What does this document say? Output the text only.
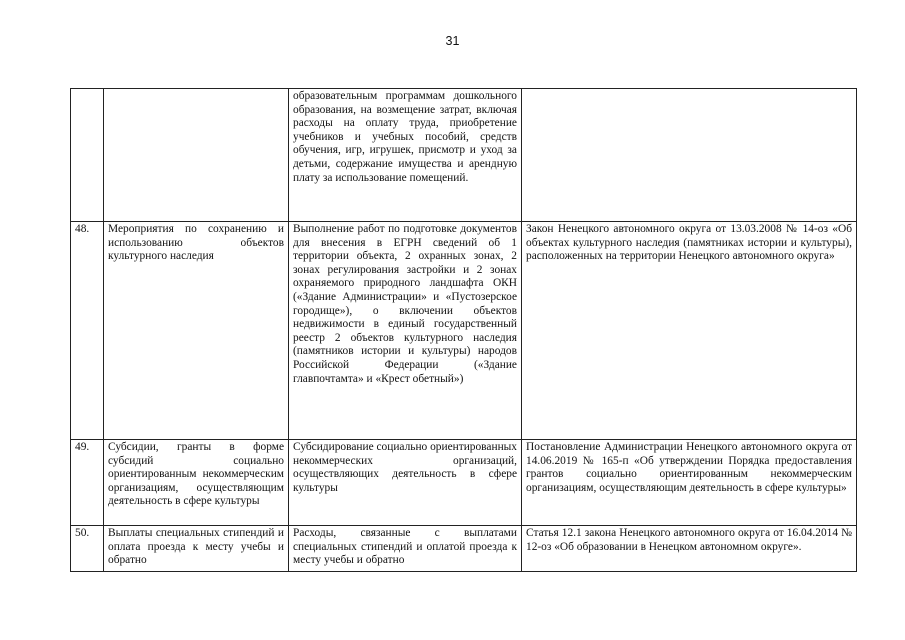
31
		образовательным программам дошкольного образования, на возмещение затрат, включая расходы на оплату труда, приобретение учебников и учебных пособий, средств обучения, игр, игрушек, присмотр и уход за детьми, содержание имущества и арендную плату за использование помещений.	
48.	Мероприятия по сохранению и использованию объектов культурного наследия	Выполнение работ по подготовке документов для внесения в ЕГРН сведений об 1 территории объекта, 2 охранных зонах, 2 зонах регулирования застройки и 2 зонах охраняемого природного ландшафта ОКН («Здание Администрации» и «Пустозерское городище»), о включении объектов недвижимости в единый государственный реестр 2 объектов культурного наследия (памятников истории и культуры) народов Российской Федерации («Здание главпочтамта» и «Крест обетный»)	Закон Ненецкого автономного округа от 13.03.2008 № 14-оз «Об объектах культурного наследия (памятниках истории и культуры), расположенных на территории Ненецкого автономного округа»
49.	Субсидии, гранты в форме субсидий социально ориентированным некоммерческим организациям, осуществляющим деятельность в сфере культуры	Субсидирование социально ориентированных некоммерческих организаций, осуществляющих деятельность в сфере культуры	Постановление Администрации Ненецкого автономного округа от 14.06.2019 № 165-п «Об утверждении Порядка предоставления грантов социально ориентированным некоммерческим организациям, осуществляющим деятельность в сфере культуры»
50.	Выплаты специальных стипендий и оплата проезда к месту учебы и обратно	Расходы, связанные с выплатами специальных стипендий и оплатой проезда к месту учебы и обратно	Статья 12.1 закона Ненецкого автономного округа от 16.04.2014 № 12-оз «Об образовании в Ненецком автономном округе».
